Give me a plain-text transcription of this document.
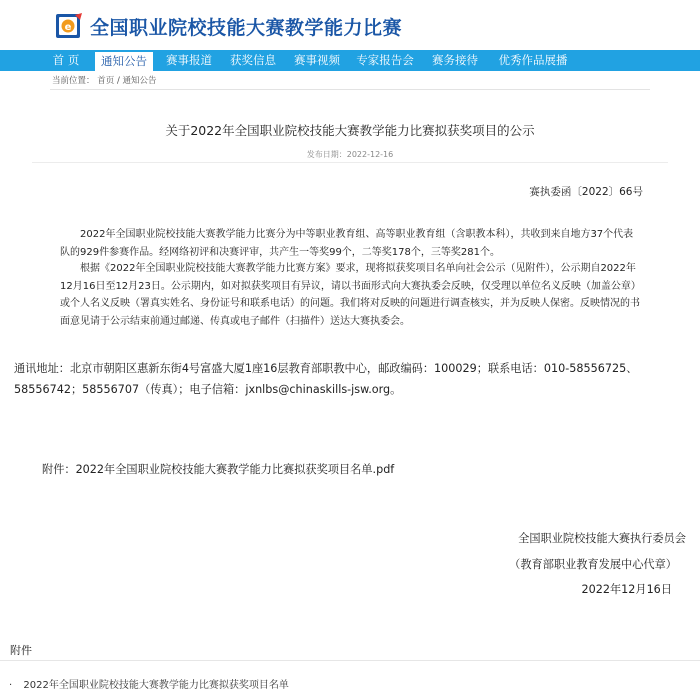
e 全国职业院校技能大赛教学能力比赛
首 页	通知公告	赛事报道	获奖信息	赛事视频	专家报告会	赛务接待	优秀作品展播
当前位置： 首页 / 通知公告
关于2022年全国职业院校技能大赛教学能力比赛拟获奖项目的公示
发布日期：2022-12-16
赛执委函〔2022〕66号
2022年全国职业院校技能大赛教学能力比赛分为中等职业教育组、高等职业教育组（含职教本科），共收到来自地方37个代表队的929件参赛作品。经网络初评和决赛评审，共产生一等奖99个，二等奖178个，三等奖281个。
根据《2022年全国职业院校技能大赛教学能力比赛方案》要求，现将拟获奖项目名单向社会公示（见附件），公示期自2022年12月16日至12月23日。公示期内，如对拟获奖项目有异议，请以书面形式向大赛执委会反映，仅受理以单位名义反映（加盖公章）或个人名义反映（署真实姓名、身份证号和联系电话）的问题。我们将对反映的问题进行调查核实，并为反映人保密。反映情况的书面意见请于公示结束前通过邮递、传真或电子邮件（扫描件）送达大赛执委会。
通讯地址：北京市朝阳区惠新东街4号富盛大厦1座16层教育部职教中心，邮政编码：100029；联系电话：010-58556725、58556742；58556707（传真）；电子信箱：jxnlbs@chinaskills-jsw.org。
附件：2022年全国职业院校技能大赛教学能力比赛拟获奖项目名单.pdf
全国职业院校技能大赛执行委员会
（教育部职业教育发展中心代章）
2022年12月16日
附件
· 2022年全国职业院校技能大赛教学能力比赛拟获奖项目名单
